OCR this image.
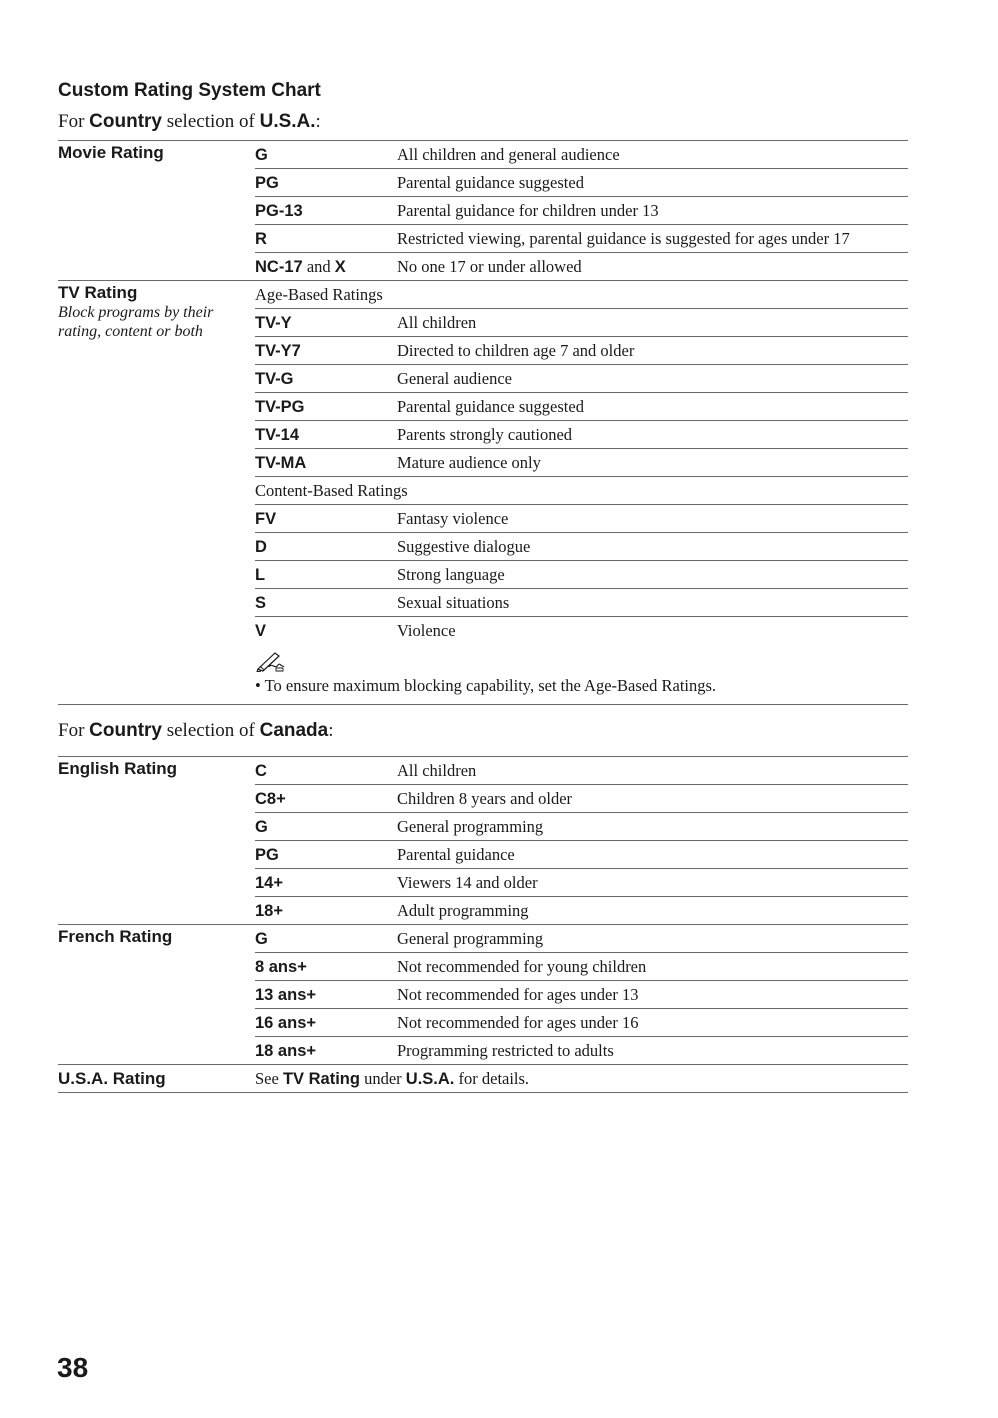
Custom Rating System Chart

For Country selection of U.S.A.:

Movie Rating	G	All children and general audience
	PG	Parental guidance suggested
	PG-13	Parental guidance for children under 13
	R	Restricted viewing, parental guidance is suggested for ages under 17
	NC-17 and X	No one 17 or under allowed

TV Rating
Block programs by their rating, content or both	Age-Based Ratings	
	TV-Y	All children
	TV-Y7	Directed to children age 7 and older
	TV-G	General audience
	TV-PG	Parental guidance suggested
	TV-14	Parents strongly cautioned
	TV-MA	Mature audience only
	Content-Based Ratings	
	FV	Fantasy violence
	D	Suggestive dialogue
	L	Strong language
	S	Sexual situations
	V	Violence

• To ensure maximum blocking capability, set the Age-Based Ratings.	

For Country selection of Canada:

English Rating	C	All children
	C8+	Children 8 years and older
	G	General programming
	PG	Parental guidance
	14+	Viewers 14 and older
	18+	Adult programming

French Rating	G	General programming
	8 ans+	Not recommended for young children
	13 ans+	Not recommended for ages under 13
	16 ans+	Not recommended for ages under 16
	18 ans+	Programming restricted to adults

U.S.A. Rating	See TV Rating under U.S.A. for details.	

38
